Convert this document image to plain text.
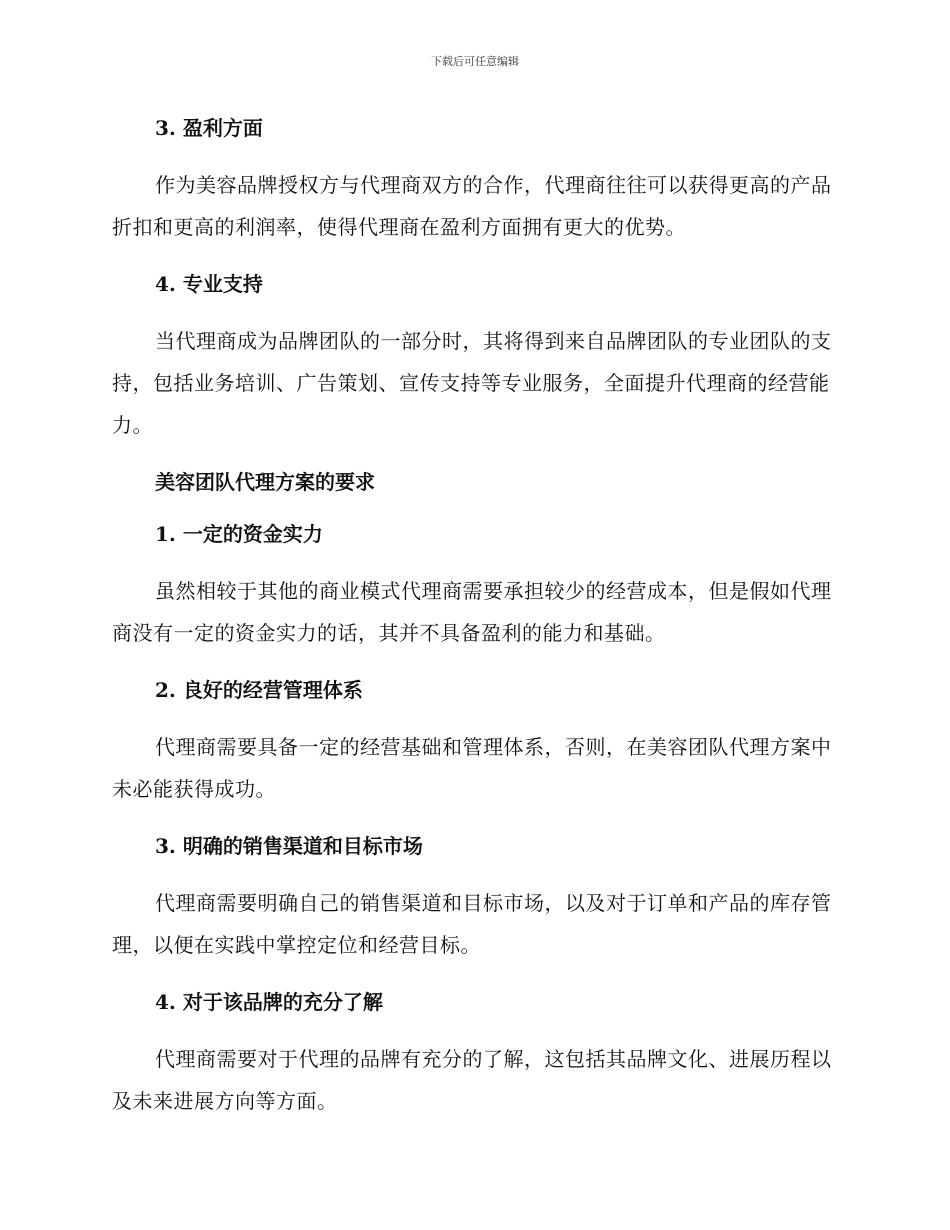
下载后可任意编辑

3. 盈利方面

作为美容品牌授权方与代理商双方的合作，代理商往往可以获得更高的产品折扣和更高的利润率，使得代理商在盈利方面拥有更大的优势。

4. 专业支持

当代理商成为品牌团队的一部分时，其将得到来自品牌团队的专业团队的支持，包括业务培训、广告策划、宣传支持等专业服务，全面提升代理商的经营能力。

美容团队代理方案的要求

1. 一定的资金实力

虽然相较于其他的商业模式代理商需要承担较少的经营成本，但是假如代理商没有一定的资金实力的话，其并不具备盈利的能力和基础。

2. 良好的经营管理体系

代理商需要具备一定的经营基础和管理体系，否则，在美容团队代理方案中未必能获得成功。

3. 明确的销售渠道和目标市场

代理商需要明确自己的销售渠道和目标市场，以及对于订单和产品的库存管理，以便在实践中掌控定位和经营目标。

4. 对于该品牌的充分了解

代理商需要对于代理的品牌有充分的了解，这包括其品牌文化、进展历程以及未来进展方向等方面。
